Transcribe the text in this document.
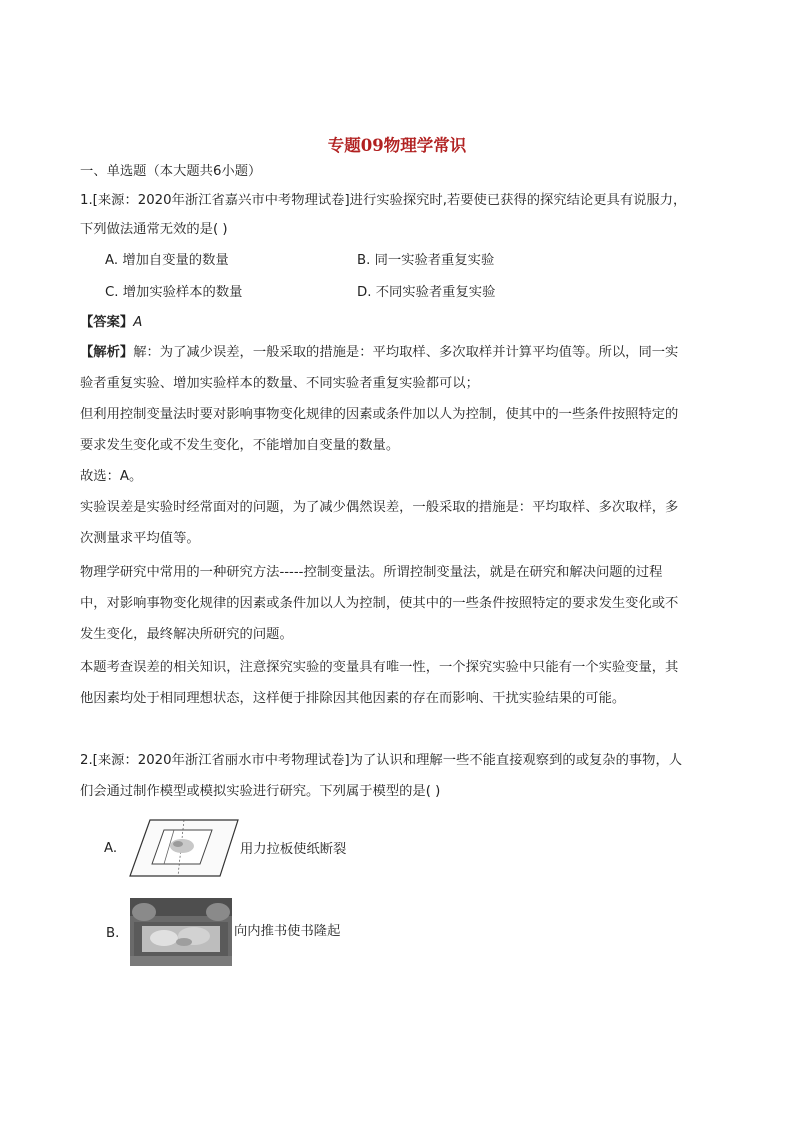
专题09物理学常识
一、单选题（本大题共6小题）
1.[来源：2020年浙江省嘉兴市中考物理试卷]进行实验探究时,若要使已获得的探究结论更具有说服力，
下列做法通常无效的是( )
A. 增加自变量的数量	B. 同一实验者重复实验
C. 增加实验样本的数量	D. 不同实验者重复实验
【答案】A
【解析】解：为了减少误差，一般采取的措施是：平均取样、多次取样并计算平均值等。所以，同一实
验者重复实验、增加实验样本的数量、不同实验者重复实验都可以；
但利用控制变量法时要对影响事物变化规律的因素或条件加以人为控制，使其中的一些条件按照特定的
要求发生变化或不发生变化，不能增加自变量的数量。
故选：A。
实验误差是实验时经常面对的问题，为了减少偶然误差，一般采取的措施是：平均取样、多次取样，多
次测量求平均值等。
物理学研究中常用的一种研究方法-----控制变量法。所谓控制变量法，就是在研究和解决问题的过程
中，对影响事物变化规律的因素或条件加以人为控制，使其中的一些条件按照特定的要求发生变化或不
发生变化，最终解决所研究的问题。
本题考查误差的相关知识，注意探究实验的变量具有唯一性，一个探究实验中只能有一个实验变量，其
他因素均处于相同理想状态，这样便于排除因其他因素的存在而影响、干扰实验结果的可能。
2.[来源：2020年浙江省丽水市中考物理试卷]为了认识和理解一些不能直接观察到的或复杂的事物，人
们会通过制作模型或模拟实验进行研究。下列属于模型的是( )
A.	用力拉板使纸断裂
B.	向内推书使书隆起
